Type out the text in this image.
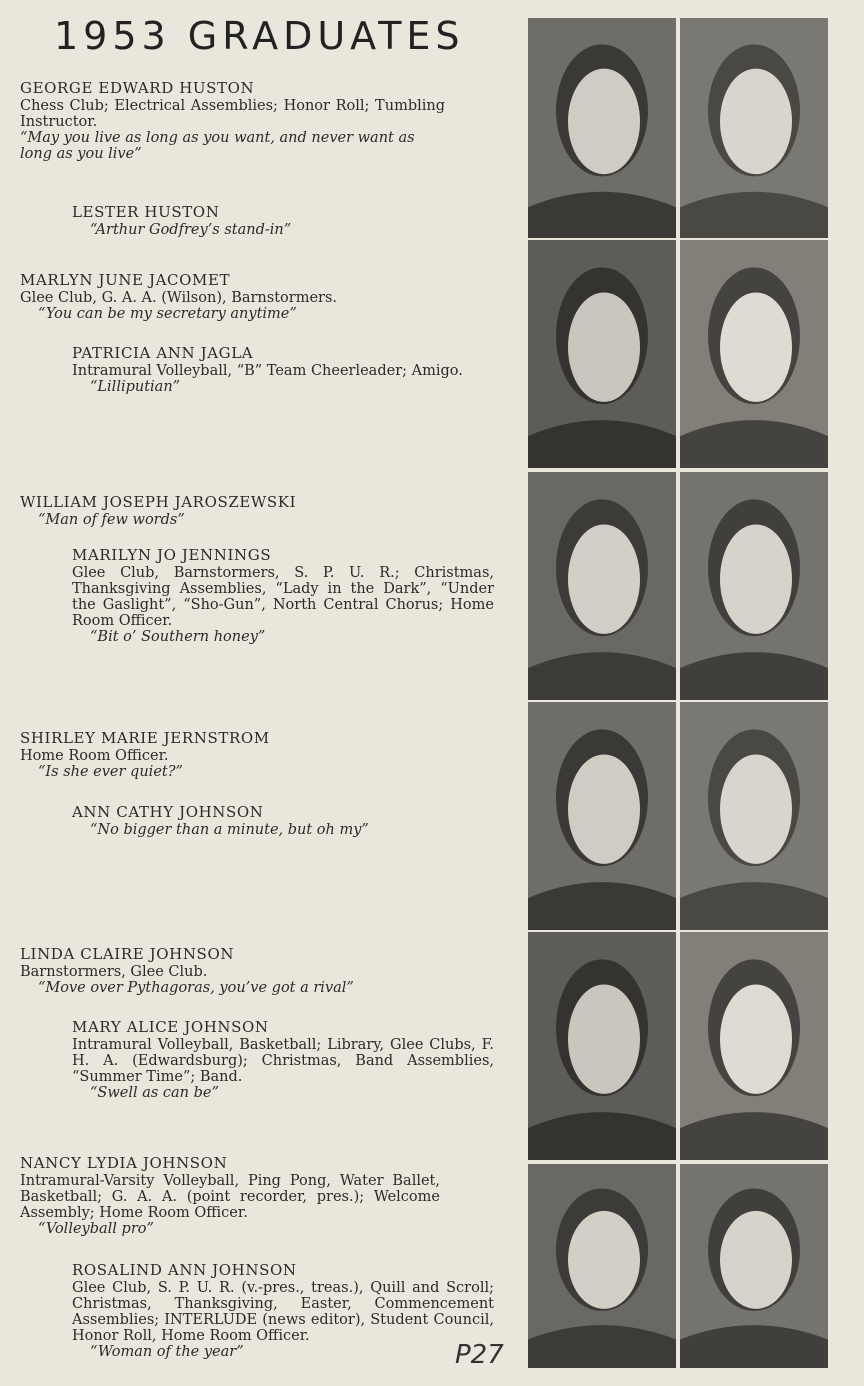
1953 GRADUATES
GEORGE EDWARD HUSTON
Chess Club; Electrical Assemblies; Honor Roll; Tumbling Instructor.
“May you live as long as you want, and never want as long as you live”
LESTER HUSTON
“Arthur Godfrey’s stand-in”
MARLYN JUNE JACOMET
Glee Club, G. A. A. (Wilson), Barnstormers.
“You can be my secretary anytime”
PATRICIA ANN JAGLA
Intramural Volleyball, “B” Team Cheerleader; Amigo.
“Lilliputian”
WILLIAM JOSEPH JAROSZEWSKI
“Man of few words”
MARILYN JO JENNINGS
Glee Club, Barnstormers, S. P. U. R.; Christmas, Thanksgiving Assemblies, “Lady in the Dark”, “Under the Gaslight”, “Sho-Gun”, North Central Chorus; Home Room Officer.
“Bit o’ Southern honey”
SHIRLEY MARIE JERNSTROM
Home Room Officer.
“Is she ever quiet?”
ANN CATHY JOHNSON
“No bigger than a minute, but oh my”
LINDA CLAIRE JOHNSON
Barnstormers, Glee Club.
“Move over Pythagoras, you’ve got a rival”
MARY ALICE JOHNSON
Intramural Volleyball, Basketball; Library, Glee Clubs, F. H. A. (Edwardsburg); Christmas, Band Assemblies, “Summer Time”; Band.
“Swell as can be”
NANCY LYDIA JOHNSON
Intramural-Varsity Volleyball, Ping Pong, Water Ballet, Basketball; G. A. A. (point recorder, pres.); Welcome Assembly; Home Room Officer.
“Volleyball pro”
ROSALIND ANN JOHNSON
Glee Club, S. P. U. R. (v.-pres., treas.), Quill and Scroll; Christmas, Thanksgiving, Easter, Commencement Assemblies; INTERLUDE (news editor), Student Council, Honor Roll, Home Room Officer.
“Woman of the year”	P27
